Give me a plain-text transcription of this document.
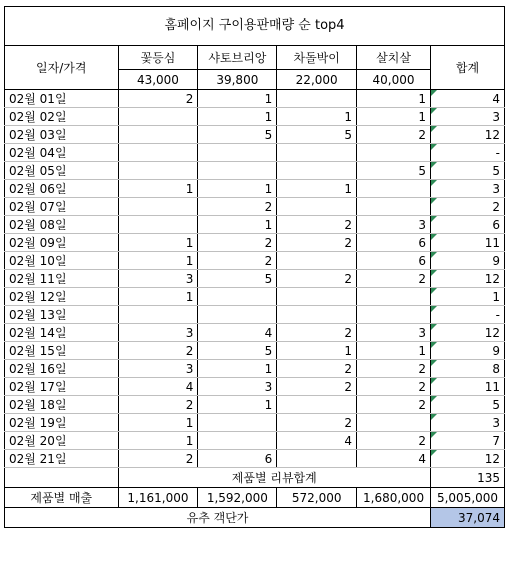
홈페이지 구이용판매량 순 top4					
일자/가격	꽃등심	샤토브리앙	차돌박이	살치살	합계
	43,000	39,800	22,000	40,000	
02월 01일	2	1		1	4
02월 02일		1	1	1	3
02월 03일		5	5	2	12
02월 04일					-
02월 05일				5	5
02월 06일	1	1	1		3
02월 07일		2			2
02월 08일		1	2	3	6
02월 09일	1	2	2	6	11
02월 10일	1	2		6	9
02월 11일	3	5	2	2	12
02월 12일	1				1
02월 13일					-
02월 14일	3	4	2	3	12
02월 15일	2	5	1	1	9
02월 16일	3	1	2	2	8
02월 17일	4	3	2	2	11
02월 18일	2	1		2	5
02월 19일	1		2		3
02월 20일	1		4	2	7
02월 21일	2	6		4	12
	제품별 리뷰합계				135
제품별 매출	1,161,000	1,592,000	572,000	1,680,000	5,005,000
유추 객단가					37,074
